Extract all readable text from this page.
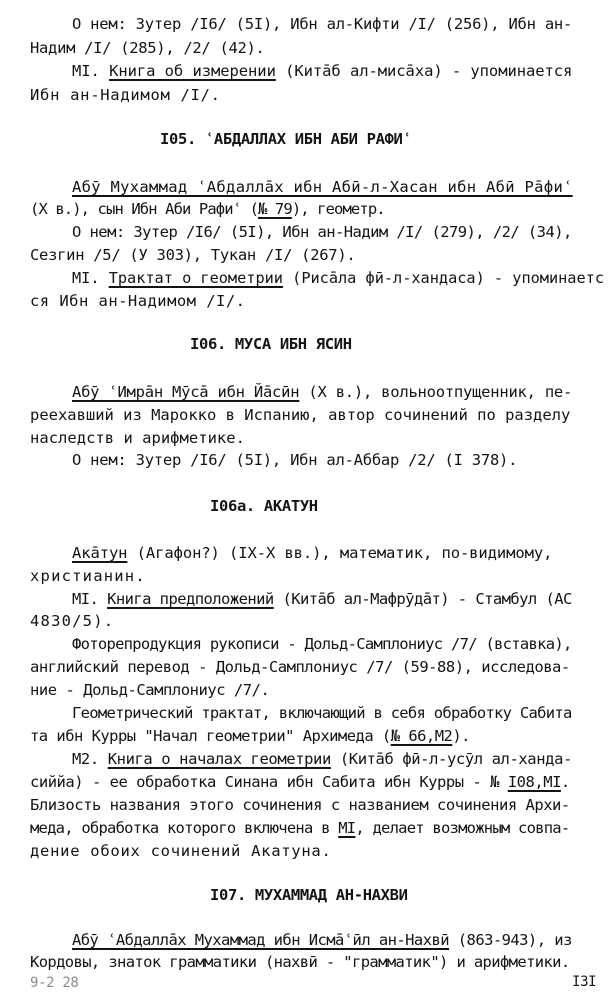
О нем: Зутер /I6/ (5I), Ибн ал-Кифти /I/ (256), Ибн ан-
Надим /I/ (285), /2/ (42).
МI. Книга об измерении (Китāб ал-мисāха) - упоминается
Ибн ан-Надимом /I/.
I05. ʿАБДАЛЛАХ ИБН АБИ РАФИʿ
Абӯ Мухаммад ʿАбдаллāх ибн Абӣ-л-Хасан ибн Абӣ Рāфиʿ
(X в.), сын Ибн Аби Рафиʿ (№ 79), геометр.
О нем: Зутер /I6/ (5I), Ибн ан-Надим /I/ (279), /2/ (34),
Сезгин /5/ (У 303), Тукан /I/ (267).
МI. Трактат о геометрии (Рисāла фӣ-л-хандаса) - упоминаетс
ся Ибн ан-Надимом /I/.
I06. МУСА ИБН ЯСИН
Абӯ ʿИмрāн Мӯсā ибн Йāсӣн (X в.), вольноотпущенник, пе-
реехавший из Марокко в Испанию, автор сочинений по разделу
наследств и арифметике.
О нем: Зутер /I6/ (5I), Ибн ал-Аббар /2/ (I 378).
I06а. АКАТУН
Акāтун (Агафон?) (IX-X вв.), математик, по-видимому,
христианин.
МI. Книга предположений (Китāб ал-Мафрӯдāт) - Стамбул (АС
4830/5).
Фоторепродукция рукописи - Дольд-Самплониус /7/ (вставка),
английский перевод - Дольд-Самплониус /7/ (59-88), исследова-
ние - Дольд-Самплониус /7/.
Геометрический трактат, включающий в себя обработку Сабита
та ибн Курры "Начал геометрии" Архимеда (№ 66,М2).
М2. Книга о началах геометрии (Китāб фӣ-л-усӯл ал-ханда-
сиййа) - ее обработка Синана ибн Сабита ибн Курры - № I08,МI.
Близость названия этого сочинения с названием сочинения Архи-
меда, обработка которого включена в МI, делает возможным совпа-
дение обоих сочинений Акатуна.
I07. МУХАММАД АН-НАХВИ
Абӯ ʿАбдаллāх Мухаммад ибн Исмāʿӣл ан-Нахвӣ (863-943), из
Кордовы, знаток грамматики (нахвӣ - "грамматик") и арифметики.
9-2 28	I3I
